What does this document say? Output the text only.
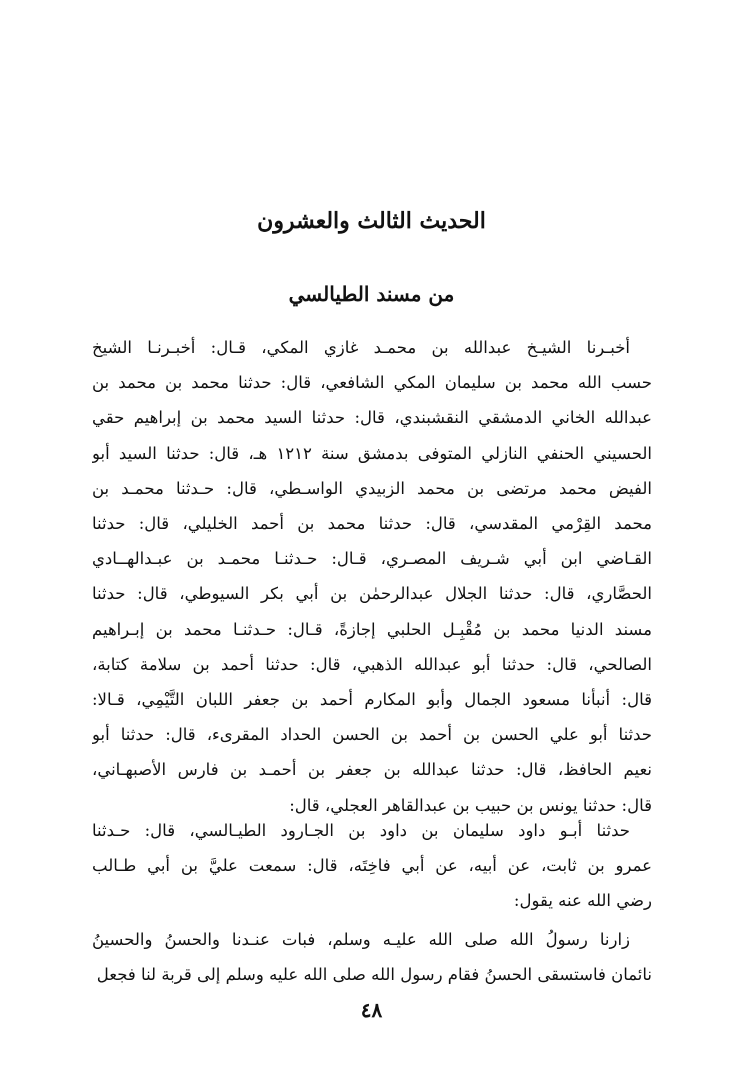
الحديث الثالث والعشرون
من مسند الطيالسي
أخبـرنا الشيـخ عبدالله بن محمـد غازي المكي، قـال: أخبـرنـا الشيخ
حسب الله محمد بن سليمان المكي الشافعي، قال: حدثنا محمد بن محمد بن
عبدالله الخاني الدمشقي النقشبندي، قال: حدثنا السيد محمد بن إبراهيم حقي
الحسيني الحنفي النازلي المتوفى بدمشق سنة ١٢١٢ هـ، قال: حدثنا السيد أبو
الفيض محمد مرتضى بن محمد الزبيدي الواسـطي، قال: حـدثنا محمـد بن
محمد القِرْمي المقدسي، قال: حدثنا محمد بن أحمد الخليلي، قال: حدثنا
القـاضي ابن أبي شـريف المصـري، قـال: حـدثنـا محمـد بن عبـدالهــادي
الحصَّاري، قال: حدثنا الجلال عبدالرحمٰن بن أبي بكر السيوطي، قال: حدثنا
مسند الدنيا محمد بن مُقْبِـل الحلبي إجازةً، قـال: حـدثنـا محمد بن إبـراهيم
الصالحي، قال: حدثنا أبو عبدالله الذهبي، قال: حدثنا أحمد بن سلامة كتابة،
قال: أنبأنا مسعود الجمال وأبو المكارم أحمد بن جعفر اللبان التَّيْمِي، قـالا:
حدثنا أبو علي الحسن بن أحمد بن الحسن الحداد المقرىء، قال: حدثنا أبو
نعيم الحافظ، قال: حدثنا عبدالله بن جعفر بن أحمـد بن فارس الأصبهـاني،
قال: حدثنا يونس بن حبيب بن عبدالقاهر العجلي، قال:
حدثنا أبـو داود سليمان بن داود بن الجـارود الطيـالسي، قال: حـدثنا
عمرو بن ثابت، عن أبيه، عن أبي فاخِتَه، قال: سمعت عليَّ بن أبي طـالب
رضي الله عنه يقول:
زارنا رسولُ الله صلى الله عليـه وسلم، فبات عنـدنا والحسنُ والحسينُ
نائمان فاستسقى الحسنُ فقام رسول الله صلى الله عليه وسلم إلى قربة لنا فجعل
٤٨
